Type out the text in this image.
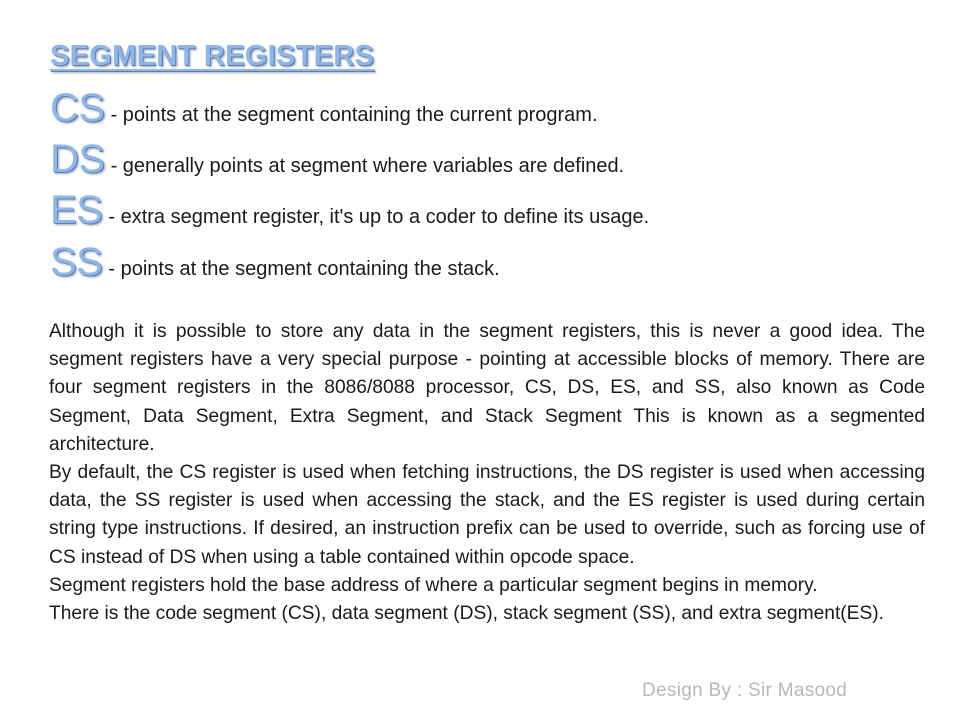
SEGMENT REGISTERS
CS - points at the segment containing the current program.
DS - generally points at segment where variables are defined.
ES - extra segment register, it's up to a coder to define its usage.
SS - points at the segment containing the stack.

Although it is possible to store any data in the segment registers, this is never a good idea. The segment registers have a very special purpose - pointing at accessible blocks of memory. There are four segment registers in the 8086/8088 processor, CS, DS, ES, and SS, also known as Code Segment, Data Segment, Extra Segment, and Stack Segment This is known as a segmented architecture.

By default, the CS register is used when fetching instructions, the DS register is used when accessing data, the SS register is used when accessing the stack, and the ES register is used during certain string type instructions. If desired, an instruction prefix can be used to override, such as forcing use of CS instead of DS when using a table contained within opcode space.

Segment registers hold the base address of where a particular segment begins in memory.

There is the code segment (CS), data segment (DS), stack segment (SS), and extra segment(ES).

Design By : Sir Masood
